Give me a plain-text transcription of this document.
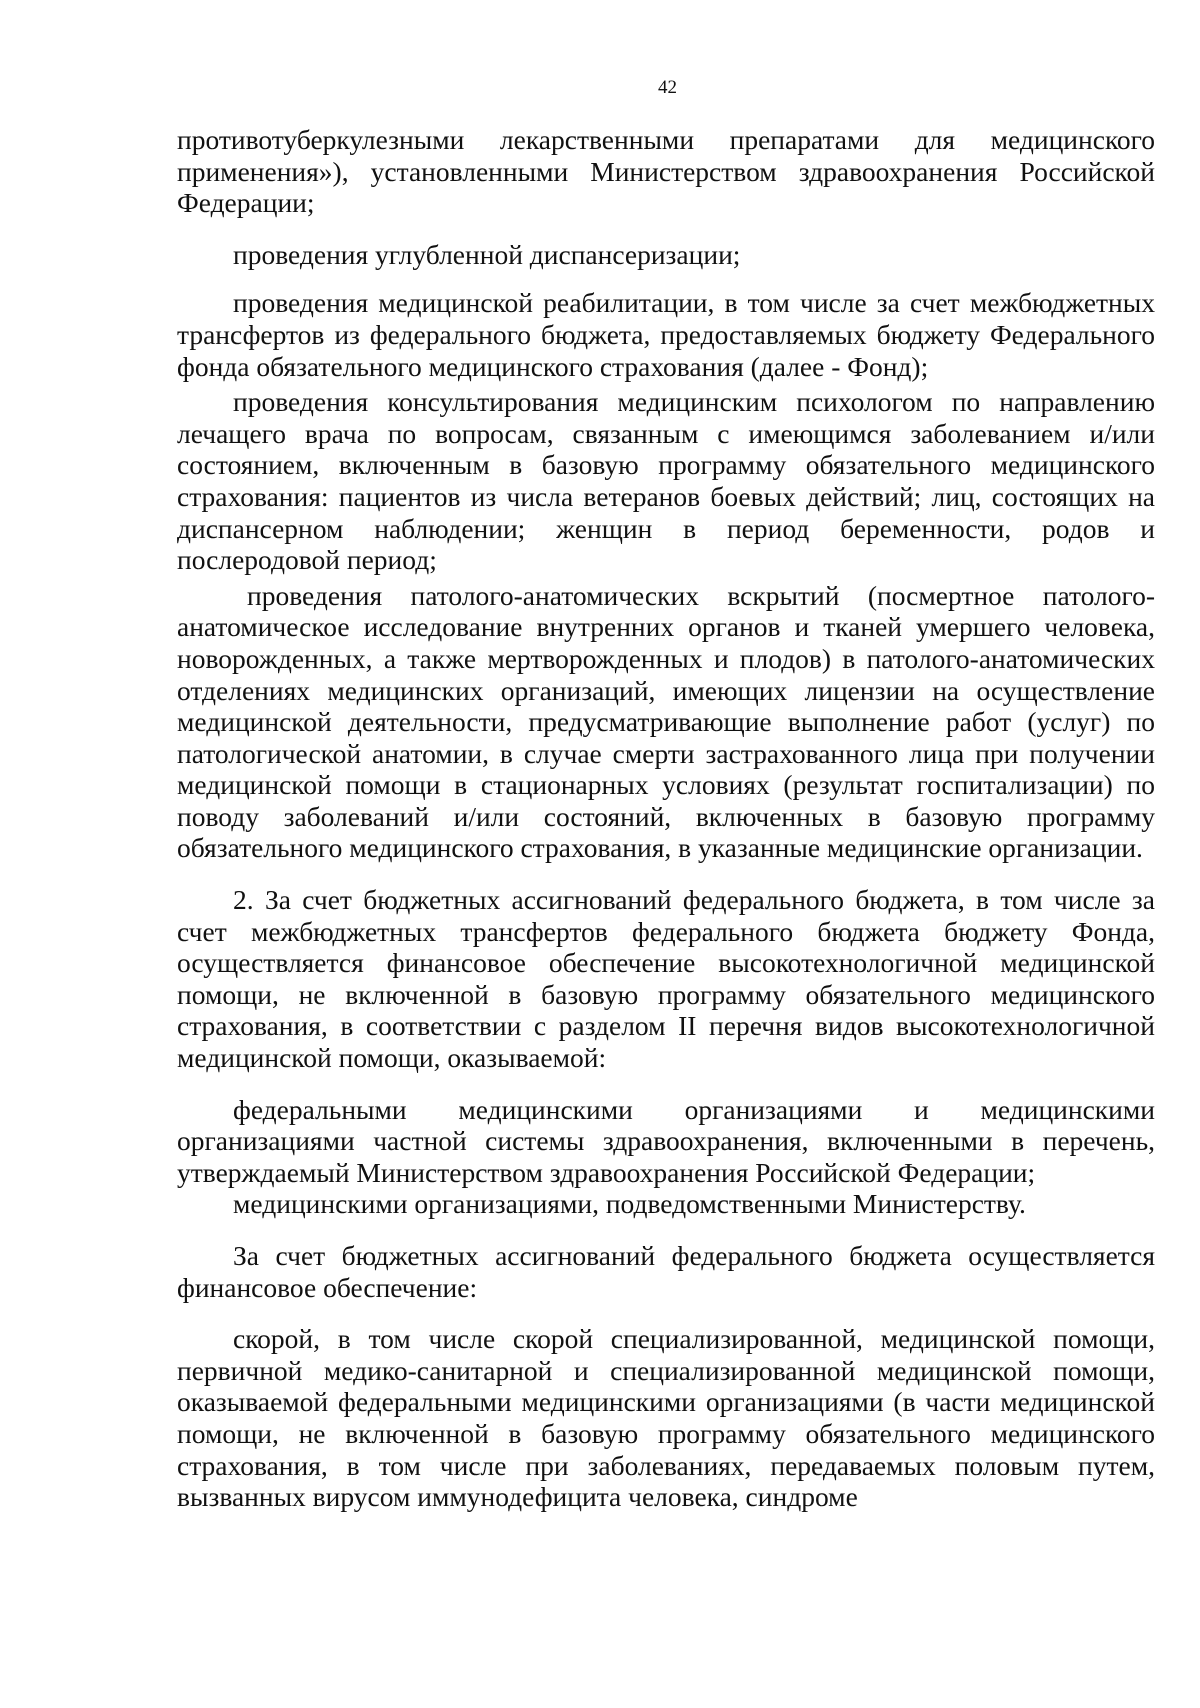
42

противотуберкулезными лекарственными препаратами для медицинского применения»), установленными Министерством здравоохранения Российской Федерации;

проведения углубленной диспансеризации;

проведения медицинской реабилитации, в том числе за счет межбюджетных трансфертов из федерального бюджета, предоставляемых бюджету Федерального фонда обязательного медицинского страхования (далее - Фонд);

проведения консультирования медицинским психологом по направлению лечащего врача по вопросам, связанным с имеющимся заболеванием и/или состоянием, включенным в базовую программу обязательного медицинского страхования: пациентов из числа ветеранов боевых действий; лиц, состоящих на диспансерном наблюдении; женщин в период беременности, родов и послеродовой период;

проведения патолого-анатомических вскрытий (посмертное патолого-анатомическое исследование внутренних органов и тканей умершего человека, новорожденных, а также мертворожденных и плодов) в патолого-анатомических отделениях медицинских организаций, имеющих лицензии на осуществление медицинской деятельности, предусматривающие выполнение работ (услуг) по патологической анатомии, в случае смерти застрахованного лица при получении медицинской помощи в стационарных условиях (результат госпитализации) по поводу заболеваний и/или состояний, включенных в базовую программу обязательного медицинского страхования, в указанные медицинские организации.

2. За счет бюджетных ассигнований федерального бюджета, в том числе за счет межбюджетных трансфертов федерального бюджета бюджету Фонда, осуществляется финансовое обеспечение высокотехнологичной медицинской помощи, не включенной в базовую программу обязательного медицинского страхования, в соответствии с разделом II перечня видов высокотехнологичной медицинской помощи, оказываемой:

федеральными медицинскими организациями и медицинскими организациями частной системы здравоохранения, включенными в перечень, утверждаемый Министерством здравоохранения Российской Федерации;

медицинскими организациями, подведомственными Министерству.

За счет бюджетных ассигнований федерального бюджета осуществляется финансовое обеспечение:

скорой, в том числе скорой специализированной, медицинской помощи, первичной медико-санитарной и специализированной медицинской помощи, оказываемой федеральными медицинскими организациями (в части медицинской помощи, не включенной в базовую программу обязательного медицинского страхования, в том числе при заболеваниях, передаваемых половым путем, вызванных вирусом иммунодефицита человека, синдроме
